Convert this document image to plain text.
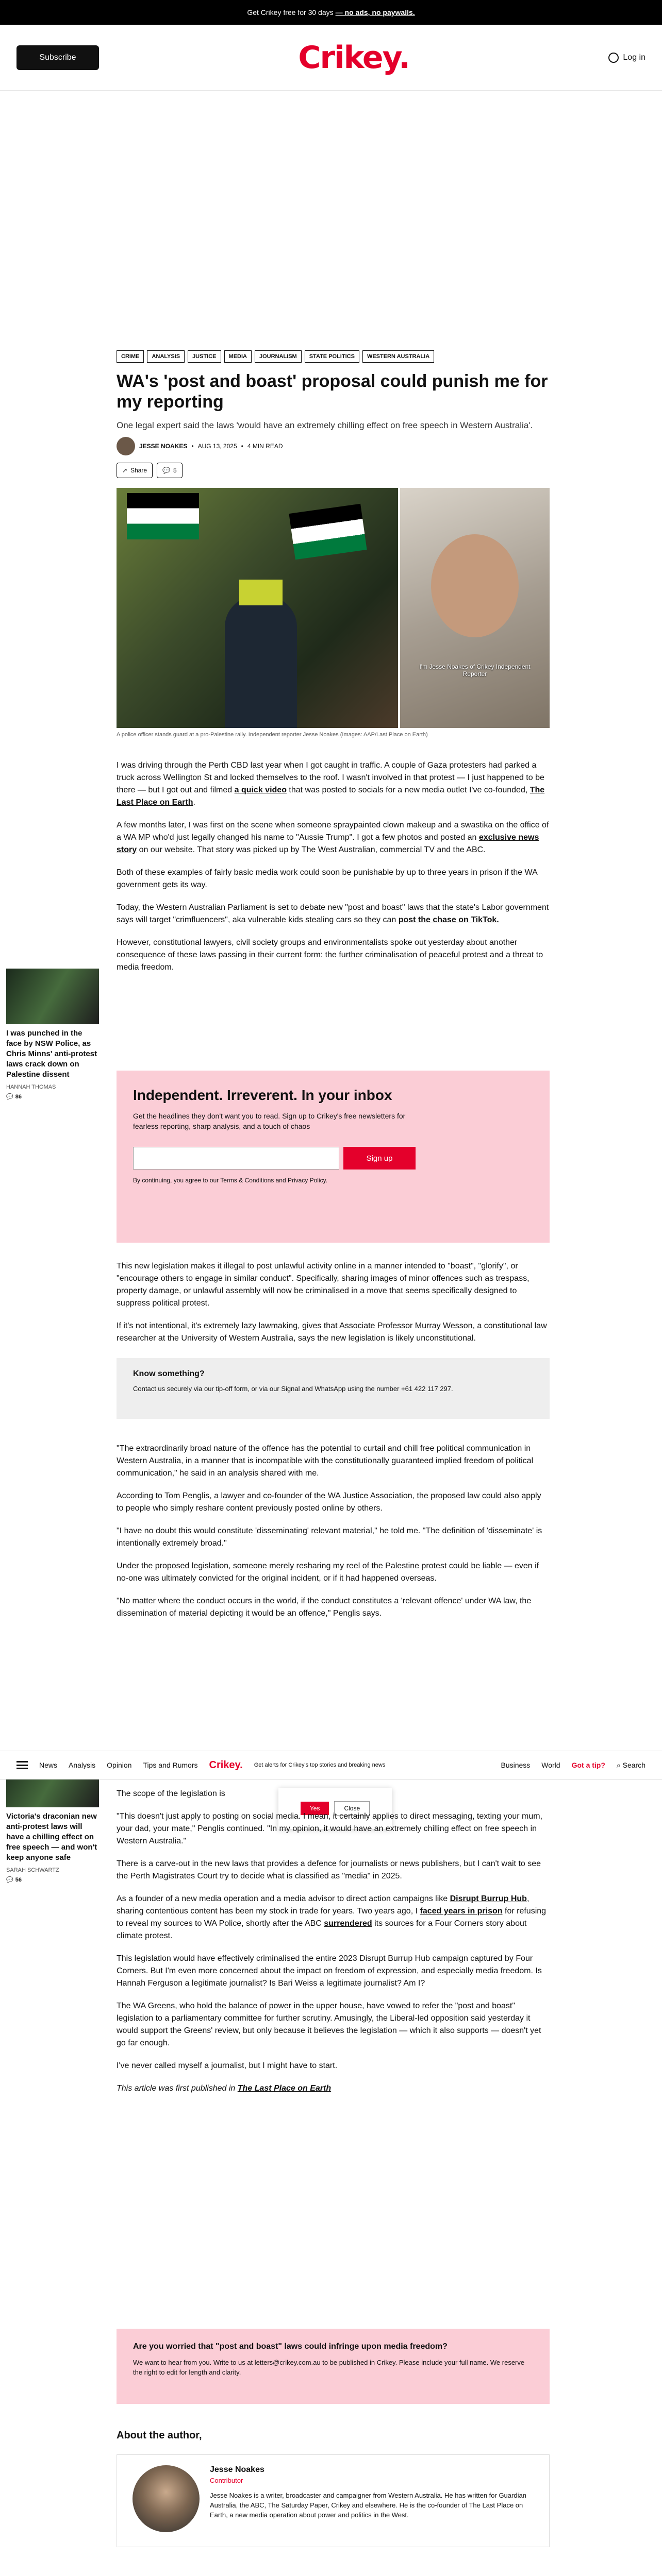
Get Crikey free for 30 days — no ads, no paywalls.
Subscribe	Crikey.	Log in
CRIME	ANALYSIS	JUSTICE	MEDIA	JOURNALISM	STATE POLITICS	WESTERN AUSTRALIA
WA's 'post and boast' proposal could punish me for my reporting

One legal expert said the laws 'would have an extremely chilling effect on free speech in Western Australia'.

JESSE NOAKES • AUG 13, 2025 • 4 MIN READ
↗ Share	💬 5
I'm Jesse Noakes of Crikey Independent Reporter
A police officer stands guard at a pro-Palestine rally. Independent reporter Jesse Noakes (Images: AAP/Last Place on Earth)
I was punched in the face by NSW Police, as Chris Minns' anti-protest laws crack down on Palestine dissent
HANNAH THOMAS
💬 86
Victoria's draconian new anti-protest laws will have a chilling effect on free speech — and won't keep anyone safe
SARAH SCHWARTZ
💬 56

I was driving through the Perth CBD last year when I got caught in traffic. A couple of Gaza protesters had parked a truck across Wellington St and locked themselves to the roof. I wasn't involved in that protest — I just happened to be there — but I got out and filmed a quick video that was posted to socials for a new media outlet I've co-founded, The Last Place on Earth.

A few months later, I was first on the scene when someone spraypainted clown makeup and a swastika on the office of a WA MP who'd just legally changed his name to "Aussie Trump". I got a few photos and posted an exclusive news story on our website. That story was picked up by The West Australian, commercial TV and the ABC.

Both of these examples of fairly basic media work could soon be punishable by up to three years in prison if the WA government gets its way.

Today, the Western Australian Parliament is set to debate new "post and boast" laws that the state's Labor government says will target "crimfluencers", aka vulnerable kids stealing cars so they can post the chase on TikTok.

However, constitutional lawyers, civil society groups and environmentalists spoke out yesterday about another consequence of these laws passing in their current form: the further criminalisation of peaceful protest and a threat to media freedom.

Independent. Irreverent. In your inbox
Get the headlines they don't want you to read. Sign up to Crikey's free newsletters for fearless reporting, sharp analysis, and a touch of chaos
Sign up
By continuing, you agree to our Terms & Conditions and Privacy Policy.

This new legislation makes it illegal to post unlawful activity online in a manner intended to "boast", "glorify", or "encourage others to engage in similar conduct". Specifically, sharing images of minor offences such as trespass, property damage, or unlawful assembly will now be criminalised in a move that seems specifically designed to suppress political protest.

If it's not intentional, it's extremely lazy lawmaking, gives that Associate Professor Murray Wesson, a constitutional law researcher at the University of Western Australia, says the new legislation is likely unconstitutional.

Know something?

Contact us securely via our tip-off form, or via our Signal and WhatsApp using the number +61 422 117 297.

"The extraordinarily broad nature of the offence has the potential to curtail and chill free political communication in Western Australia, in a manner that is incompatible with the constitutionally guaranteed implied freedom of political communication," he said in an analysis shared with me.

According to Tom Penglis, a lawyer and co-founder of the WA Justice Association, the proposed law could also apply to people who simply reshare content previously posted online by others.

"I have no doubt this would constitute 'disseminating' relevant material," he told me. "The definition of 'disseminate' is intentionally extremely broad."

Under the proposed legislation, someone merely resharing my reel of the Palestine protest could be liable — even if no-one was ultimately convicted for the original incident, or if it had happened overseas.

"No matter where the conduct occurs in the world, if the conduct constitutes a 'relevant offence' under WA law, the dissemination of material depicting it would be an offence," Penglis says.

News Analysis Opinion Tips and Rumors Crikey. Get alerts for Crikey's top stories and breaking news	Business World Got a tip? ⌕ Search
Yes	Close

The scope of the legislation is

"This doesn't just apply to posting on social media. I mean, it certainly applies to direct messaging, texting your mum, your dad, your mate," Penglis continued. "In my opinion, it would have an extremely chilling effect on free speech in Western Australia."

There is a carve-out in the new laws that provides a defence for journalists or news publishers, but I can't wait to see the Perth Magistrates Court try to decide what is classified as "media" in 2025.

As a founder of a new media operation and a media advisor to direct action campaigns like Disrupt Burrup Hub, sharing contentious content has been my stock in trade for years. Two years ago, I faced years in prison for refusing to reveal my sources to WA Police, shortly after the ABC surrendered its sources for a Four Corners story about climate protest.

This legislation would have effectively criminalised the entire 2023 Disrupt Burrup Hub campaign captured by Four Corners. But I'm even more concerned about the impact on freedom of expression, and especially media freedom. Is Hannah Ferguson a legitimate journalist? Is Bari Weiss a legitimate journalist? Am I?

The WA Greens, who hold the balance of power in the upper house, have vowed to refer the "post and boast" legislation to a parliamentary committee for further scrutiny. Amusingly, the Liberal-led opposition said yesterday it would support the Greens' review, but only because it believes the legislation — which it also supports — doesn't yet go far enough.

I've never called myself a journalist, but I might have to start.

This article was first published in The Last Place on Earth

Are you worried that "post and boast" laws could infringe upon media freedom?

We want to hear from you. Write to us at letters@crikey.com.au to be published in Crikey. Please include your full name. We reserve the right to edit for length and clarity.

About the author,
Jesse Noakes
Contributor
Jesse Noakes is a writer, broadcaster and campaigner from Western Australia. He has written for Guardian Australia, the ABC, The Saturday Paper, Crikey and elsewhere. He is the co-founder of The Last Place on Earth, a new media operation about power and politics in the West.
